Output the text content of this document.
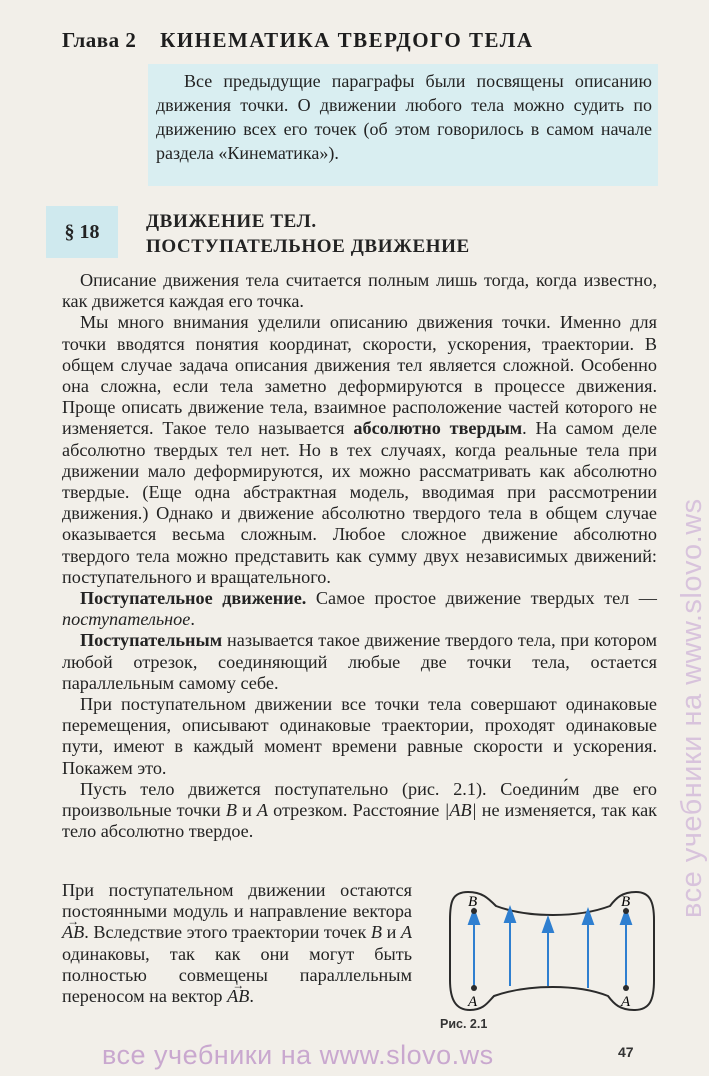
Глава 2 КИНЕМАТИКА ТВЕРДОГО ТЕЛА

Все предыдущие параграфы были посвящены описанию движения точки. О движении любого тела можно судить по движению всех его точек (об этом говорилось в самом начале раздела «Кинематика»).

§ 18 ДВИЖЕНИЕ ТЕЛ.
ПОСТУПАТЕЛЬНОЕ ДВИЖЕНИЕ

Описание движения тела считается полным лишь тогда, когда известно, как движется каждая его точка.

Мы много внимания уделили описанию движения точки. Именно для точки вводятся понятия координат, скорости, ускорения, траектории. В общем случае задача описания движения тел является сложной. Особенно она сложна, если тела заметно деформируются в процессе движения. Проще описать движение тела, взаимное расположение частей которого не изменяется. Такое тело называется абсолютно твердым. На самом деле абсолютно твердых тел нет. Но в тех случаях, когда реальные тела при движении мало деформируются, их можно рассматривать как абсолютно твердые. (Еще одна абстрактная модель, вводимая при рассмотрении движения.) Однако и движение абсолютно твердого тела в общем случае оказывается весьма сложным. Любое сложное движение абсолютно твердого тела можно представить как сумму двух независимых движений: поступательного и вращательного.

Поступательное движение. Самое простое движение твердых тел — поступательное.

Поступательным называется такое движение твердого тела, при котором любой отрезок, соединяющий любые две точки тела, остается параллельным самому себе.

При поступательном движении все точки тела совершают одинаковые перемещения, описывают одинаковые траектории, проходят одинаковые пути, имеют в каждый момент времени равные скорости и ускорения. Покажем это.

Пусть тело движется поступательно (рис. 2.1). Соедини́м две его произвольные точки B и A отрезком. Расстояние |AB| не изменяется, так как тело абсолютно твердое.

При поступательном движении остаются постоянными модуль и направление вектора → AB. Вследствие этого траектории точек B и A одинаковы, так как они могут быть полностью совмещены параллельным переносом на вектор → AB.
B
A
B
A
Рис. 2.1
все учебники на www.slovo.ws
все учебники на www.slovo.ws	47
